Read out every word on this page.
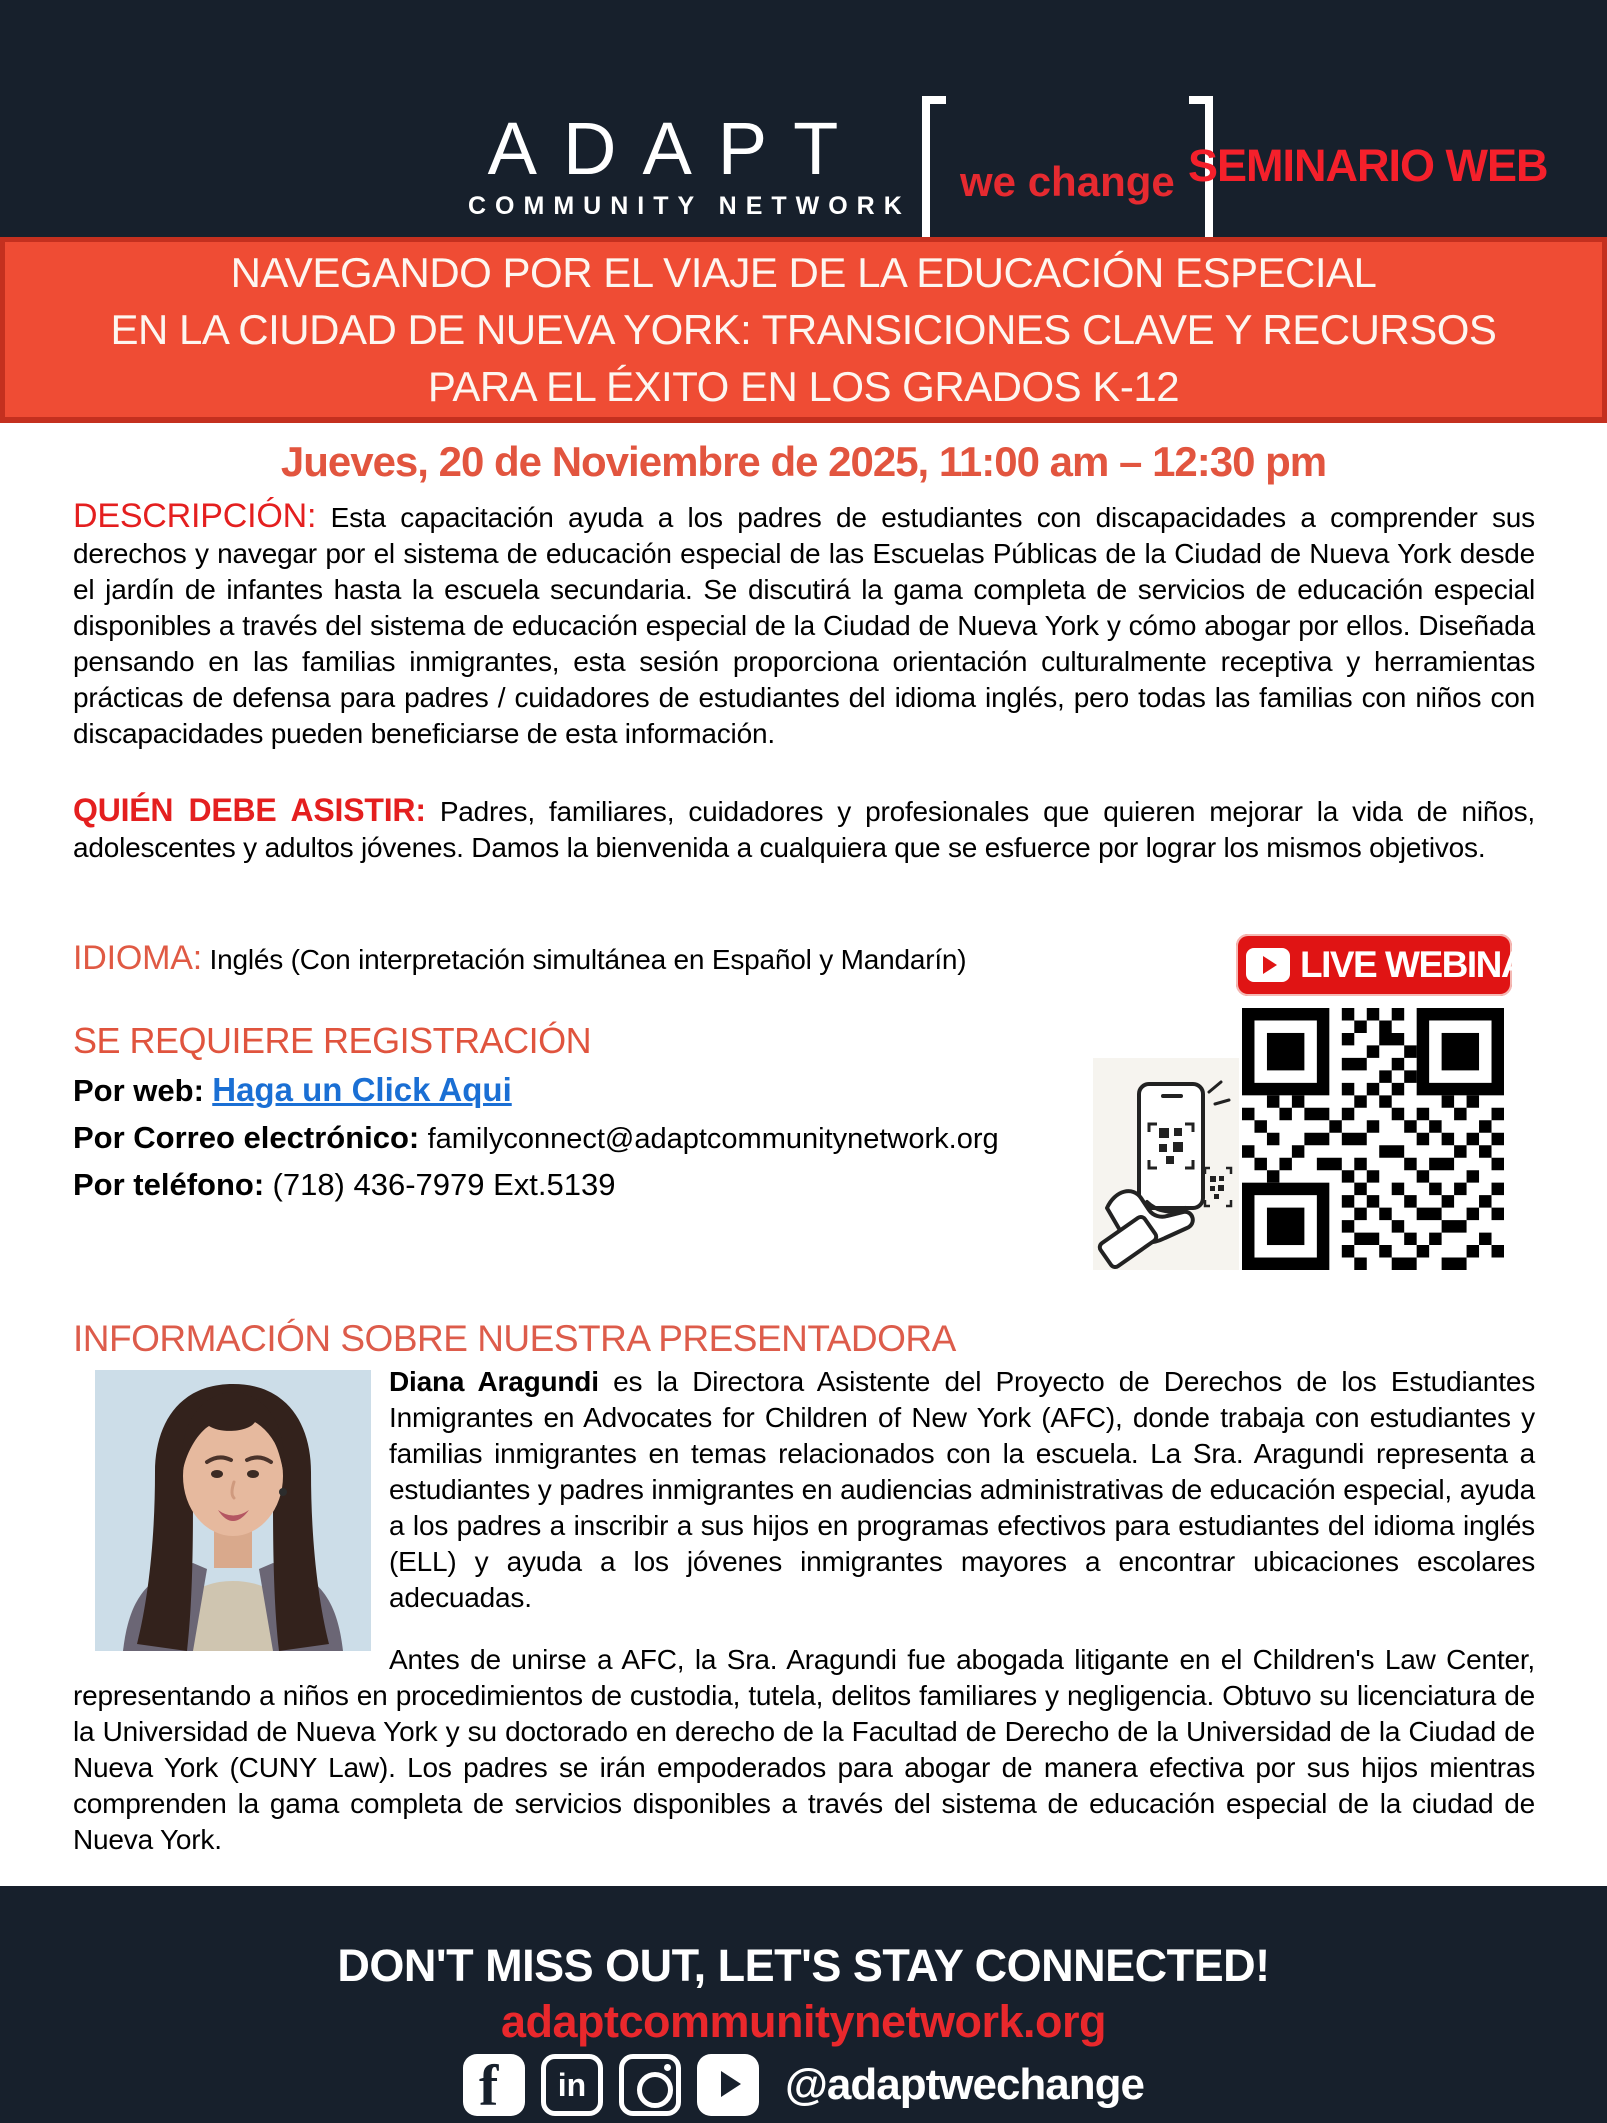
ADAPT
COMMUNITY NETWORK
we change SEMINARIO WEB
NAVEGANDO POR EL VIAJE DE LA EDUCACIÓN ESPECIAL
EN LA CIUDAD DE NUEVA YORK: TRANSICIONES CLAVE Y RECURSOS
PARA EL ÉXITO EN LOS GRADOS K-12
Jueves, 20 de Noviembre de 2025, 11:00 am – 12:30 pm

DESCRIPCIÓN: Esta capacitación ayuda a los padres de estudiantes con discapacidades a comprender sus derechos y navegar por el sistema de educación especial de las Escuelas Públicas de la Ciudad de Nueva York desde el jardín de infantes hasta la escuela secundaria. Se discutirá la gama completa de servicios de educación especial disponibles a través del sistema de educación especial de la Ciudad de Nueva York y cómo abogar por ellos. Diseñada pensando en las familias inmigrantes, esta sesión proporciona orientación culturalmente receptiva y herramientas prácticas de defensa para padres / cuidadores de estudiantes del idioma inglés, pero todas las familias con niños con discapacidades pueden beneficiarse de esta información.

QUIÉN DEBE ASISTIR: Padres, familiares, cuidadores y profesionales que quieren mejorar la vida de niños, adolescentes y adultos jóvenes. Damos la bienvenida a cualquiera que se esfuerce por lograr los mismos objetivos.

IDIOMA: Inglés (Con interpretación simultánea en Español y Mandarín)

SE REQUIERE REGISTRACIÓN
Por web: Haga un Click Aqui
Por Correo electrónico: familyconnect@adaptcommunitynetwork.org
Por teléfono: (718) 436-7979 Ext.5139
LIVE WEBINAR
INFORMACIÓN SOBRE NUESTRA PRESENTADORA

Diana Aragundi es la Directora Asistente del Proyecto de Derechos de los Estudiantes Inmigrantes en Advocates for Children of New York (AFC), donde trabaja con estudiantes y familias inmigrantes en temas relacionados con la escuela. La Sra. Aragundi representa a estudiantes y padres inmigrantes en audiencias administrativas de educación especial, ayuda a los padres a inscribir a sus hijos en programas efectivos para estudiantes del idioma inglés (ELL) y ayuda a los jóvenes inmigrantes mayores a encontrar ubicaciones escolares adecuadas.

Antes de unirse a AFC, la Sra. Aragundi fue abogada litigante en el Children's Law Center, representando a niños en procedimientos de custodia, tutela, delitos familiares y negligencia. Obtuvo su licenciatura de la Universidad de Nueva York y su doctorado en derecho de la Facultad de Derecho de la Universidad de la Ciudad de Nueva York (CUNY Law). Los padres se irán empoderados para abogar de manera efectiva por sus hijos mientras comprenden la gama completa de servicios disponibles a través del sistema de educación especial de la ciudad de Nueva York.

DON'T MISS OUT, LET'S STAY CONNECTED!
adaptcommunitynetwork.org
f
in
@adaptwechange
